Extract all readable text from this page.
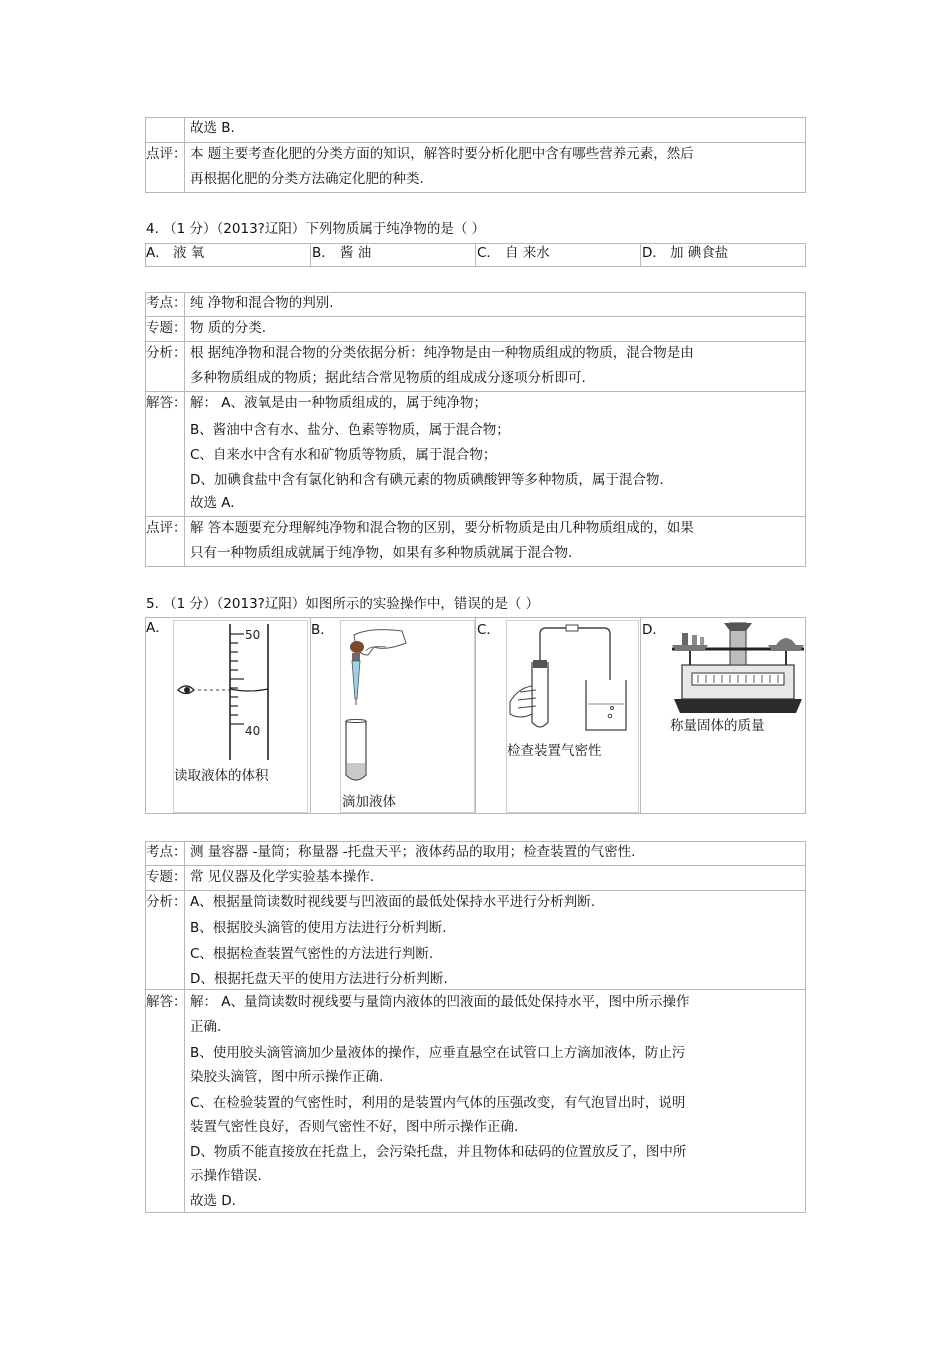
故选 B.
点评： 本 题主要考查化肥的分类方面的知识，解答时要分析化肥中含有哪些营养元素，然后
再根据化肥的分类方法确定化肥的种类.
4. （1 分）（2013?辽阳）下列物质属于纯净物的是（ ）
A． 液 氧	B． 酱 油	C． 自 来水	D． 加 碘食盐
考点： 纯 净物和混合物的判别.
专题： 物 质的分类.
分析： 根 据纯净物和混合物的分类依据分析：纯净物是由一种物质组成的物质，混合物是由
多种物质组成的物质；据此结合常见物质的组成成分逐项分析即可.
解答： 解： A、液氧是由一种物质组成的，属于纯净物；
B、酱油中含有水、盐分、色素等物质，属于混合物；
C、自来水中含有水和矿物质等物质，属于混合物；
D、加碘食盐中含有氯化钠和含有碘元素的物质碘酸钾等多种物质，属于混合物.
故选 A.
点评： 解 答本题要充分理解纯净物和混合物的区别，要分析物质是由几种物质组成的，如果
只有一种物质组成就属于纯净物，如果有多种物质就属于混合物.
5. （1 分）（2013?辽阳）如图所示的实验操作中，错误的是（ ）
A．	B．	C．	D．
50
40
读取液体的体积
滴加液体
检查装置气密性
称量固体的质量
考点： 测 量容器 -量筒；称量器 -托盘天平；液体药品的取用；检查装置的气密性.
专题： 常 见仪器及化学实验基本操作.
分析： A、根据量筒读数时视线要与凹液面的最低处保持水平进行分析判断.
B、根据胶头滴管的使用方法进行分析判断.
C、根据检查装置气密性的方法进行判断.
D、根据托盘天平的使用方法进行分析判断.
解答： 解： A、量筒读数时视线要与量筒内液体的凹液面的最低处保持水平，图中所示操作
正确.
B、使用胶头滴管滴加少量液体的操作，应垂直悬空在试管口上方滴加液体，防止污
染胶头滴管，图中所示操作正确.
C、在检验装置的气密性时，利用的是装置内气体的压强改变，有气泡冒出时，说明
装置气密性良好，否则气密性不好，图中所示操作正确.
D、物质不能直接放在托盘上，会污染托盘，并且物体和砝码的位置放反了，图中所
示操作错误.
故选 D.
